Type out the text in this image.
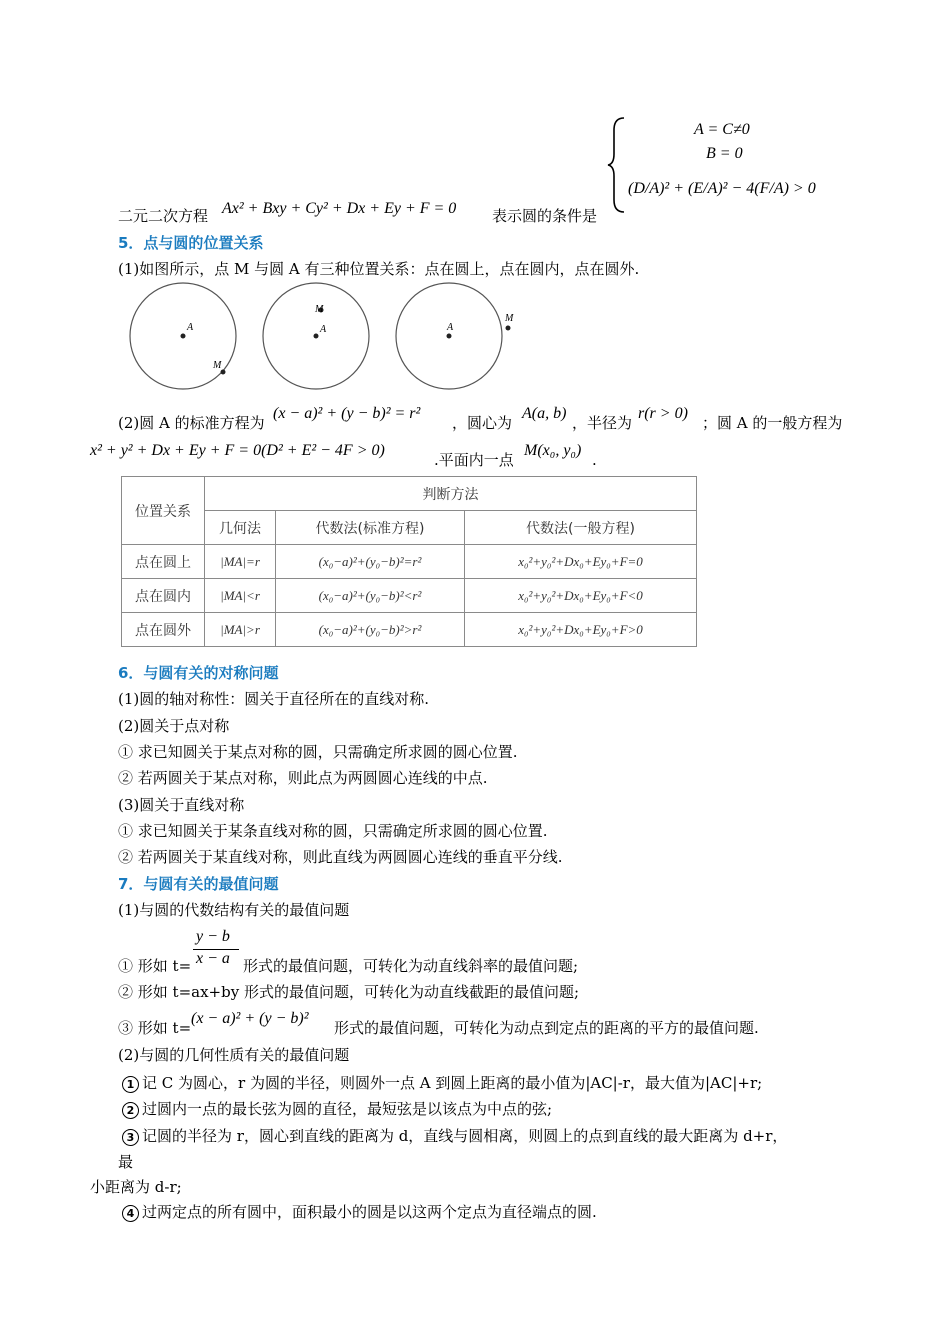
A = C≠0
B = 0
(D/A)² + (E/A)² − 4(F/A) > 0
二元二次方程 Ax² + Bxy + Cy² + Dx + Ey + F = 0 表示圆的条件是
5．点与圆的位置关系
(1)如图所示，点 M 与圆 A 有三种位置关系：点在圆上，点在圆内，点在圆外.
A
M
A
M
A
M
(2)圆 A 的标准方程为
(x − a)² + (y − b)² = r²
，圆心为
A(a, b)
，半径为
r(r > 0)
；圆 A 的一般方程为
x² + y² + Dx + Ey + F = 0(D² + E² − 4F > 0)
.平面内一点
M(x₀, y₀)
.
位置关系	判断方法		
	几何法	代数法(标准方程)	代数法(一般方程)
点在圆上	|MA|=r	(x₀−a)²+(y₀−b)²=r²	x₀²+y₀²+Dx₀+Ey₀+F=0
点在圆内	|MA|<r	(x₀−a)²+(y₀−b)²<r²	x₀²+y₀²+Dx₀+Ey₀+F<0
点在圆外	|MA|>r	(x₀−a)²+(y₀−b)²>r²	x₀²+y₀²+Dx₀+Ey₀+F>0
6．与圆有关的对称问题
(1)圆的轴对称性：圆关于直径所在的直线对称.
(2)圆关于点对称
① 求已知圆关于某点对称的圆，只需确定所求圆的圆心位置.
② 若两圆关于某点对称，则此点为两圆圆心连线的中点.
(3)圆关于直线对称
① 求已知圆关于某条直线对称的圆，只需确定所求圆的圆心位置.
② 若两圆关于某直线对称，则此直线为两圆圆心连线的垂直平分线.
7．与圆有关的最值问题
(1)与圆的代数结构有关的最值问题
① 形如 t=
y − b
x − a 形式的最值问题，可转化为动直线斜率的最值问题;
② 形如 t=ax+by 形式的最值问题，可转化为动直线截距的最值问题;
③ 形如 t=
(x − a)² + (y − b)²
形式的最值问题，可转化为动点到定点的距离的平方的最值问题.
(2)与圆的几何性质有关的最值问题
1 记 C 为圆心，r 为圆的半径，则圆外一点 A 到圆上距离的最小值为|AC|-r，最大值为|AC|+r;
2 过圆内一点的最长弦为圆的直径，最短弦是以该点为中点的弦;
3 记圆的半径为 r，圆心到直线的距离为 d，直线与圆相离，则圆上的点到直线的最大距离为 d+r，
最
小距离为 d-r;
4 过两定点的所有圆中，面积最小的圆是以这两个定点为直径端点的圆.
